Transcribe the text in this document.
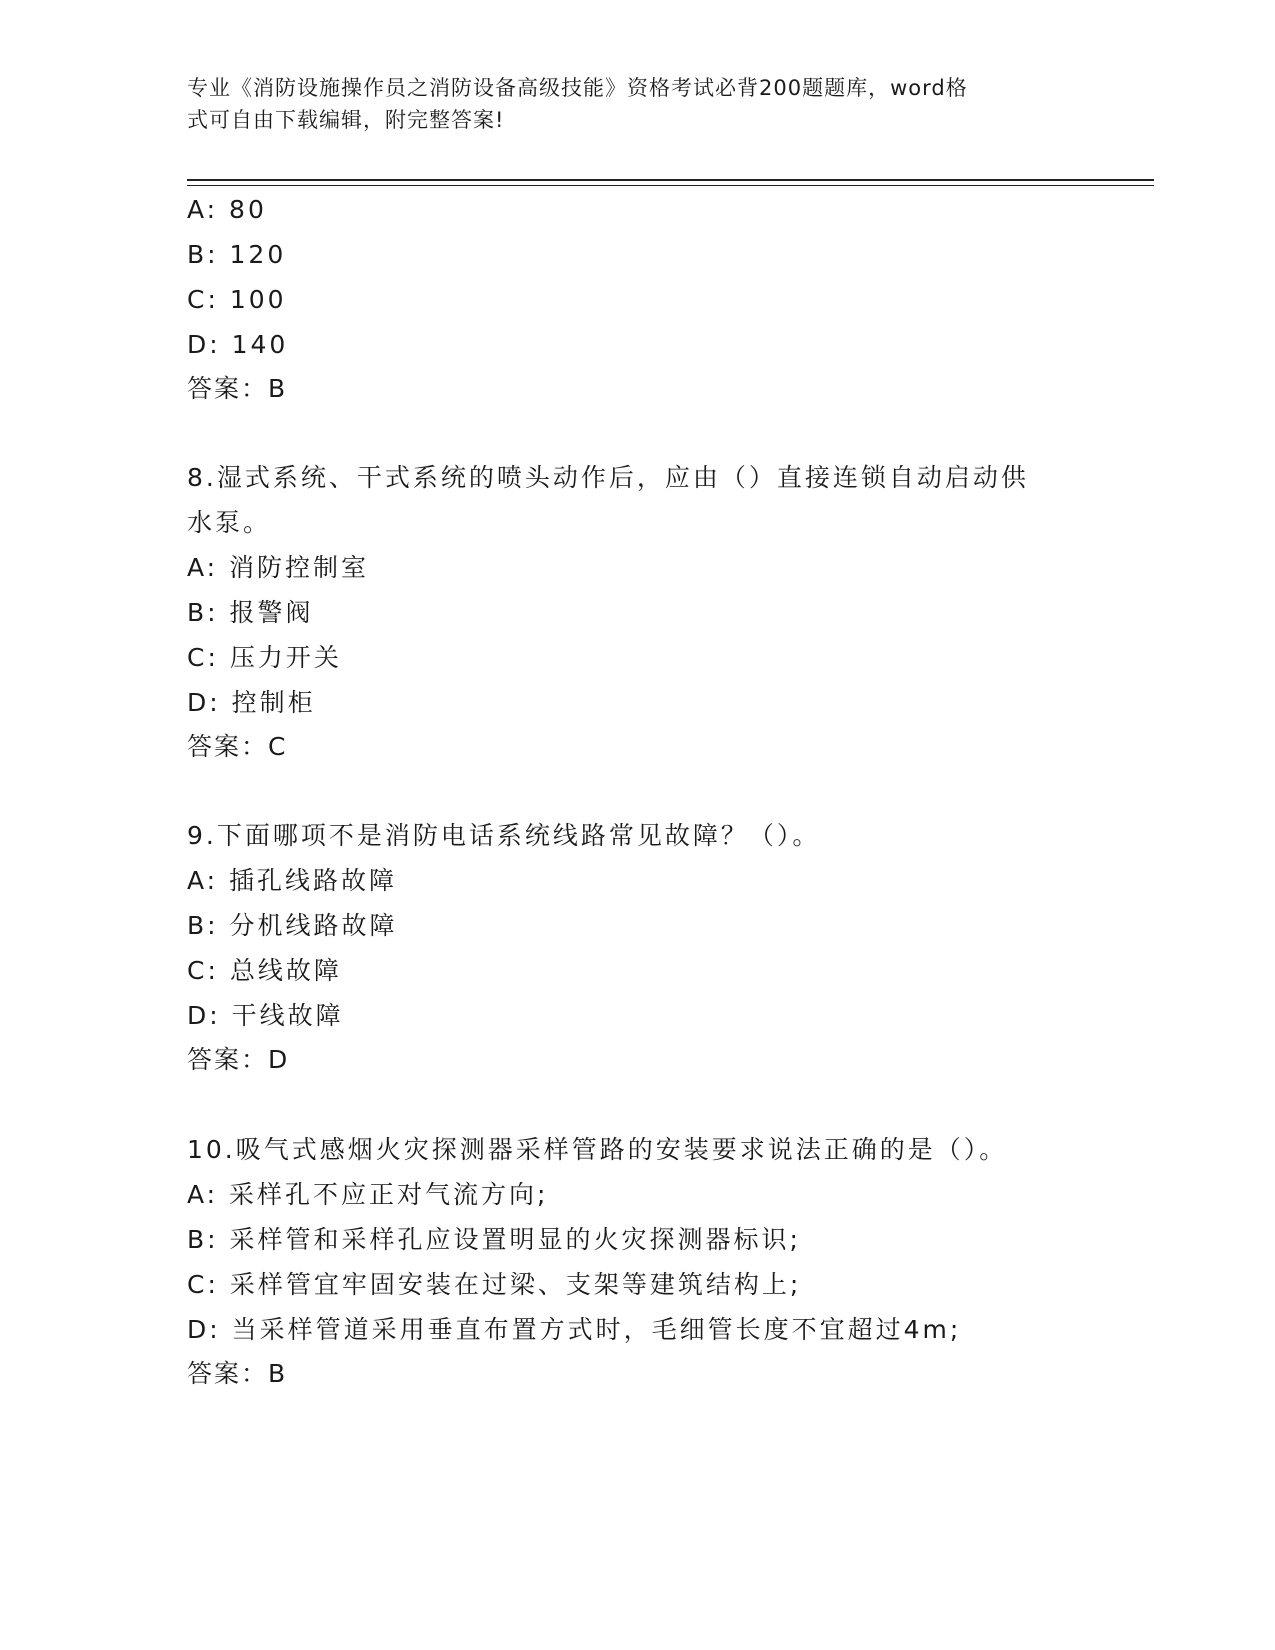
专业《消防设施操作员之消防设备高级技能》资格考试必背200题题库，word格
式可自由下载编辑，附完整答案!
A: 80
B: 120
C: 100
D: 140
答案：B
8.湿式系统、干式系统的喷头动作后，应由（）直接连锁自动启动供
水泵。
A: 消防控制室
B: 报警阀
C: 压力开关
D: 控制柜
答案：C
9.下面哪项不是消防电话系统线路常见故障？（）。
A: 插孔线路故障
B: 分机线路故障
C: 总线故障
D: 干线故障
答案：D
10.吸气式感烟火灾探测器采样管路的安装要求说法正确的是（）。
A: 采样孔不应正对气流方向;
B: 采样管和采样孔应设置明显的火灾探测器标识;
C: 采样管宜牢固安装在过梁、支架等建筑结构上;
D: 当采样管道采用垂直布置方式时，毛细管长度不宜超过4m;
答案：B
